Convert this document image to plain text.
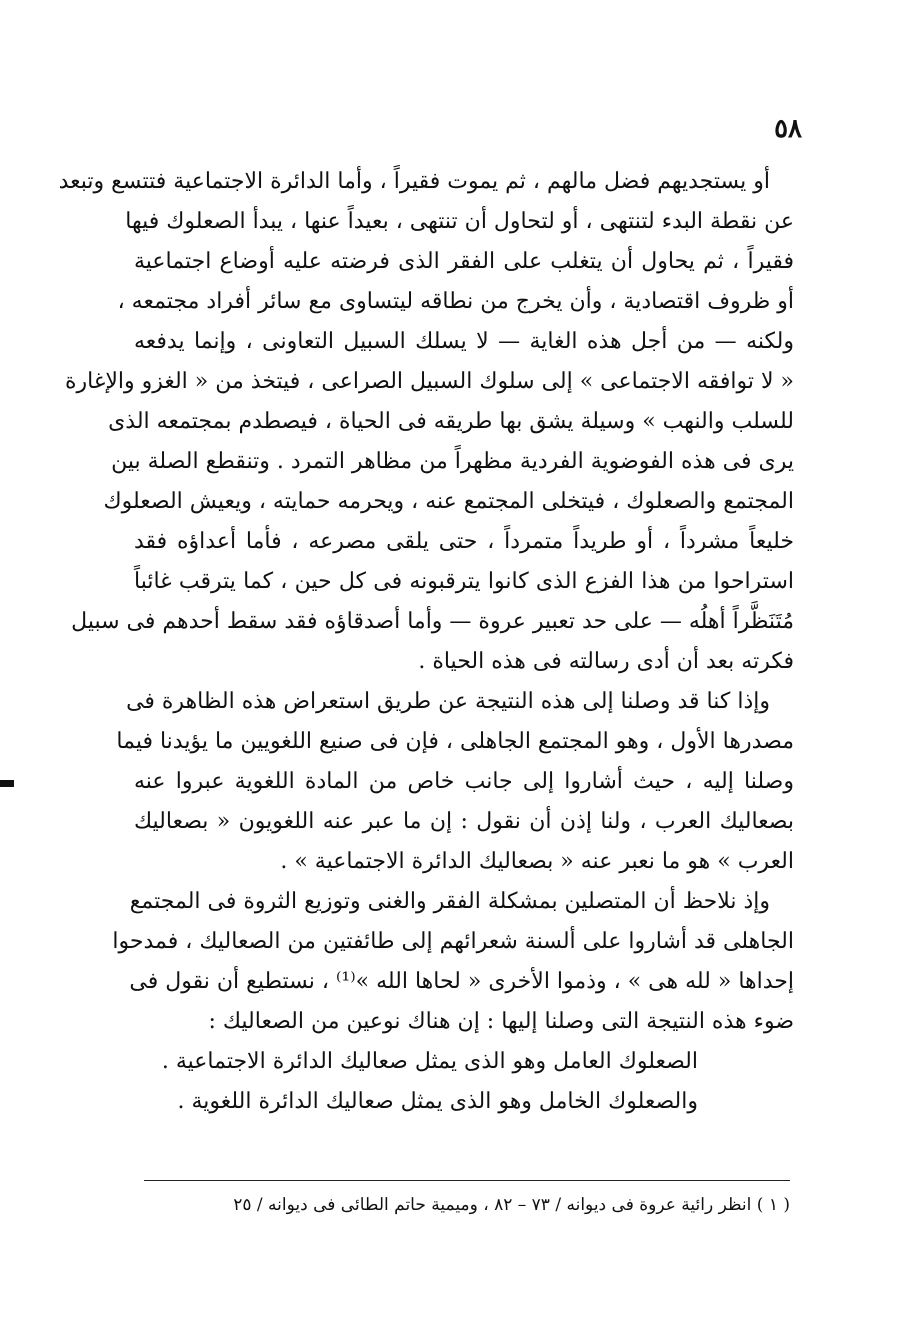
٥٨
أو يستجديهم فضل مالهم ، ثم يموت فقيراً ، وأما الدائرة الاجتماعية فتتسع وتبعد
عن نقطة البدء لتنتهى ، أو لتحاول أن تنتهى ، بعيداً عنها ، يبدأ الصعلوك فيها
فقيراً ، ثم يحاول أن يتغلب على الفقر الذى فرضته عليه أوضاع اجتماعية
أو ظروف اقتصادية ، وأن يخرج من نطاقه ليتساوى مع سائر أفراد مجتمعه ،
ولكنه — من أجل هذه الغاية — لا يسلك السبيل التعاونى ، وإنما يدفعه
« لا توافقه الاجتماعى » إلى سلوك السبيل الصراعى ، فيتخذ من « الغزو والإغارة
للسلب والنهب » وسيلة يشق بها طريقه فى الحياة ، فيصطدم بمجتمعه الذى
يرى فى هذه الفوضوية الفردية مظهراً من مظاهر التمرد . وتنقطع الصلة بين
المجتمع والصعلوك ، فيتخلى المجتمع عنه ، ويحرمه حمايته ، ويعيش الصعلوك
خليعاً مشرداً ، أو طريداً متمرداً ، حتى يلقى مصرعه ، فأما أعداؤه فقد
استراحوا من هذا الفزع الذى كانوا يترقبونه فى كل حين ، كما يترقب غائباً
مُتَنَظَّراً أهلُه — على حد تعبير عروة — وأما أصدقاؤه فقد سقط أحدهم فى سبيل
فكرته بعد أن أدى رسالته فى هذه الحياة .
وإذا كنا قد وصلنا إلى هذه النتيجة عن طريق استعراض هذه الظاهرة فى
مصدرها الأول ، وهو المجتمع الجاهلى ، فإن فى صنيع اللغويين ما يؤيدنا فيما
وصلنا إليه ، حيث أشاروا إلى جانب خاص من المادة اللغوية عبروا عنه
بصعاليك العرب ، ولنا إذن أن نقول : إن ما عبر عنه اللغويون « بصعاليك
العرب » هو ما نعبر عنه « بصعاليك الدائرة الاجتماعية » .
وإذ نلاحظ أن المتصلين بمشكلة الفقر والغنى وتوزيع الثروة فى المجتمع
الجاهلى قد أشاروا على ألسنة شعرائهم إلى طائفتين من الصعاليك ، فمدحوا
إحداها « لله هى » ، وذموا الأخرى « لحاها الله »⁽¹⁾ ، نستطيع أن نقول فى
ضوء هذه النتيجة التى وصلنا إليها : إن هناك نوعين من الصعاليك :
الصعلوك العامل وهو الذى يمثل صعاليك الدائرة الاجتماعية .
والصعلوك الخامل وهو الذى يمثل صعاليك الدائرة اللغوية .
( ١ ) انظر رائية عروة فى ديوانه / ٧٣ – ٨٢ ، وميمية حاتم الطائى فى ديوانه / ٢٥
